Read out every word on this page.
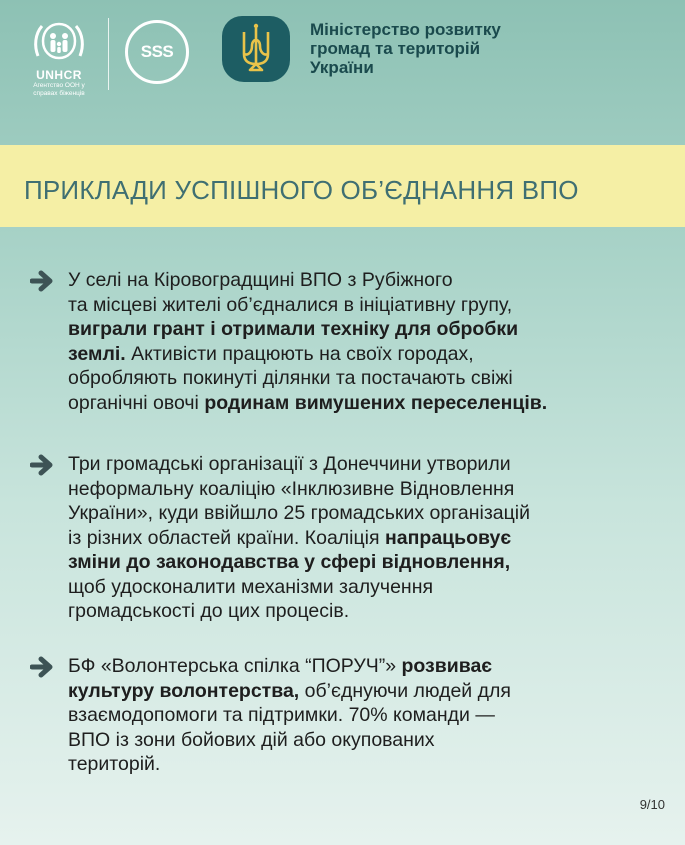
UNHCR
Агентство ООН у
справах біженців
SSS
Міністерство розвитку
громад та територій
України
ПРИКЛАДИ УСПІШНОГО ОБ’ЄДНАННЯ ВПО
У селі на Кіровоградщині ВПО з Рубіжного
та місцеві жителі об’єдналися в ініціативну групу,
виграли грант і отримали техніку для обробки
землі. Активісти працюють на своїх городах,
обробляють покинуті ділянки та постачають свіжі
органічні овочі родинам вимушених переселенців.
Три громадські організації з Донеччини утворили
неформальну коаліцію «Інклюзивне Відновлення
України», куди ввійшло 25 громадських організацій
із різних областей країни. Коаліція напрацьовує
зміни до законодавства у сфері відновлення,
щоб удосконалити механізми залучення
громадськості до цих процесів.
БФ «Волонтерська спілка “ПОРУЧ”» розвиває
культуру волонтерства, об’єднуючи людей для
взаємодопомоги та підтримки. 70% команди —
ВПО із зони бойових дій або окупованих
територій.
9/10
